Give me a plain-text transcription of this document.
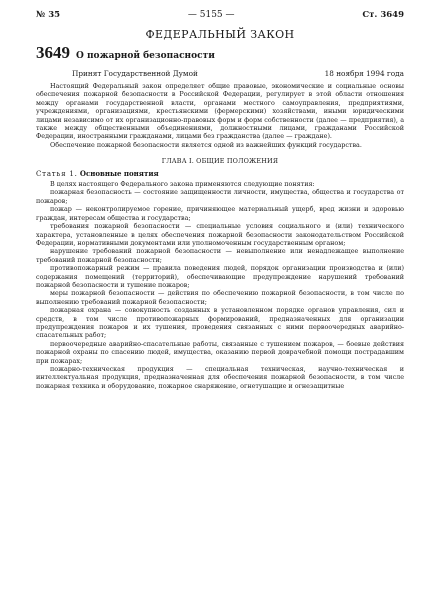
№ 35	— 5155 —	Ст. 3649
ФЕДЕРАЛЬНЫЙ ЗАКОН
3649 О пожарной безопасности
Принят Государственной Думой	18 ноября 1994 года

Настоящий Федеральный закон определяет общие правовые, экономические и социальные основы обеспечения пожарной безопасности в Российской Федерации, регулирует в этой области отношения между органами государственной власти, органами местного самоуправления, предприятиями, учреждениями, организациями, крестьянскими (фермерскими) хозяйствами, иными юридическими лицами независимо от их организационно-правовых форм и форм собственности (далее — предприятия), а также между общественными объединениями, должностными лицами, гражданами Российской Федерации, иностранными гражданами, лицами без гражданства (далее — граждане).

Обеспечение пожарной безопасности является одной из важнейших функций государства.

ГЛАВА I. ОБЩИЕ ПОЛОЖЕНИЯ
Статья 1. Основные понятия

В целях настоящего Федерального закона применяются следующие понятия:

пожарная безопасность — состояние защищенности личности, имущества, общества и государства от пожаров;

пожар — неконтролируемое горение, причиняющее материальный ущерб, вред жизни и здоровью граждан, интересам общества и государства;

требования пожарной безопасности — специальные условия социального и (или) технического характера, установленные в целях обеспечения пожарной безопасности законодательством Российской Федерации, нормативными документами или уполномоченным государственным органом;

нарушение требований пожарной безопасности — невыполнение или ненадлежащее выполнение требований пожарной безопасности;

противопожарный режим — правила поведения людей, порядок организации производства и (или) содержания помещений (территорий), обеспечивающие предупреждение нарушений требований пожарной безопасности и тушение пожаров;

меры пожарной безопасности — действия по обеспечению пожарной безопасности, в том числе по выполнению требований пожарной безопасности;

пожарная охрана — совокупность созданных в установленном порядке органов управления, сил и средств, в том числе противопожарных формирований, предназначенных для организации предупреждения пожаров и их тушения, проведения связанных с ними первоочередных аварийно-спасательных работ;

первоочередные аварийно-спасательные работы, связанные с тушением пожаров, — боевые действия пожарной охраны по спасению людей, имущества, оказанию первой доврачебной помощи пострадавшим при пожарах;

пожарно-техническая продукция — специальная техническая, научно-техническая и интеллектуальная продукция, предназначенная для обеспечения пожарной безопасности, в том числе пожарная техника и оборудование, пожарное снаряжение, огнетушащие и огнезащитные
